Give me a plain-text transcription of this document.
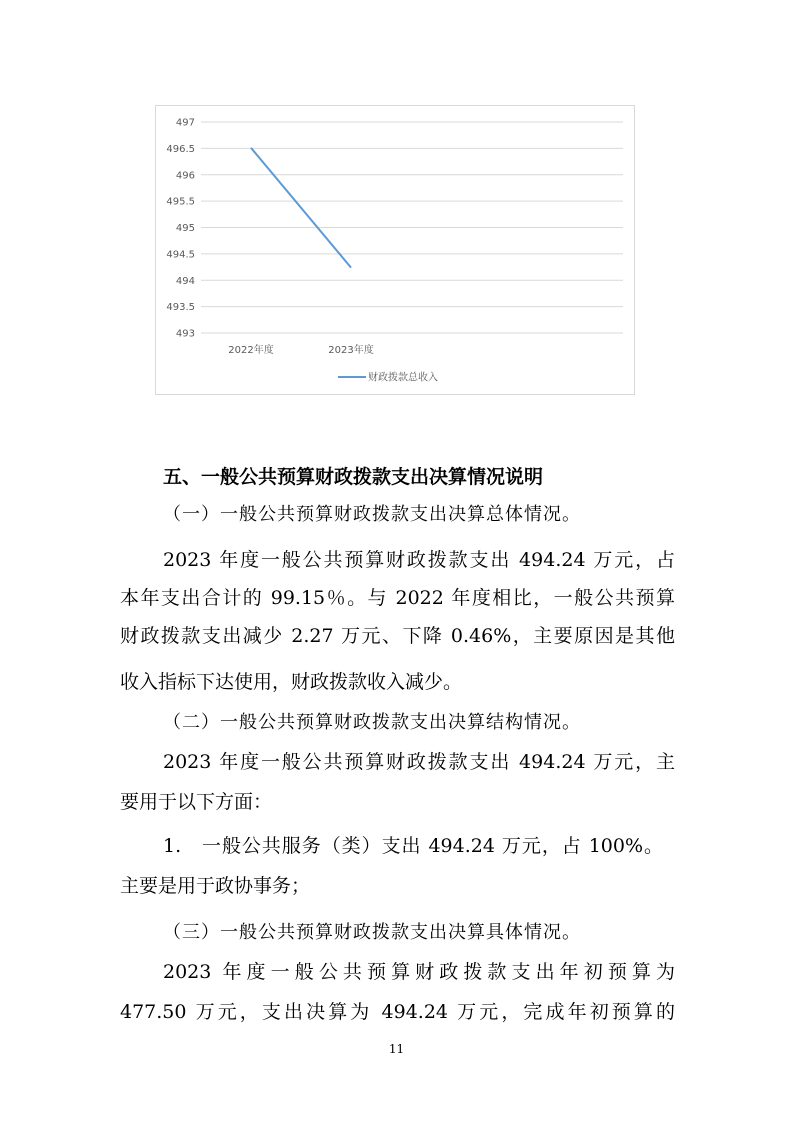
497
496.5
496
495.5
495
494.5
494
493.5
493
2022年度	2023年度
财政拨款总收入

五、一般公共预算财政拨款支出决算情况说明

（一）一般公共预算财政拨款支出决算总体情况。

2023 年度一般公共预算财政拨款支出 494.24 万元，占

本年支出合计的 99.15％。与 2022 年度相比，一般公共预算

财政拨款支出减少 2.27 万元、下降 0.46%，主要原因是其他

收入指标下达使用，财政拨款收入减少。

（二）一般公共预算财政拨款支出决算结构情况。

2023 年度一般公共预算财政拨款支出 494.24 万元，主

要用于以下方面：

1.　一般公共服务（类）支出 494.24 万元，占 100%。

主要是用于政协事务；

（三）一般公共预算财政拨款支出决算具体情况。

2023 年度一般公共预算财政拨款支出年初预算为

477.50 万元，支出决算为 494.24 万元，完成年初预算的

11
